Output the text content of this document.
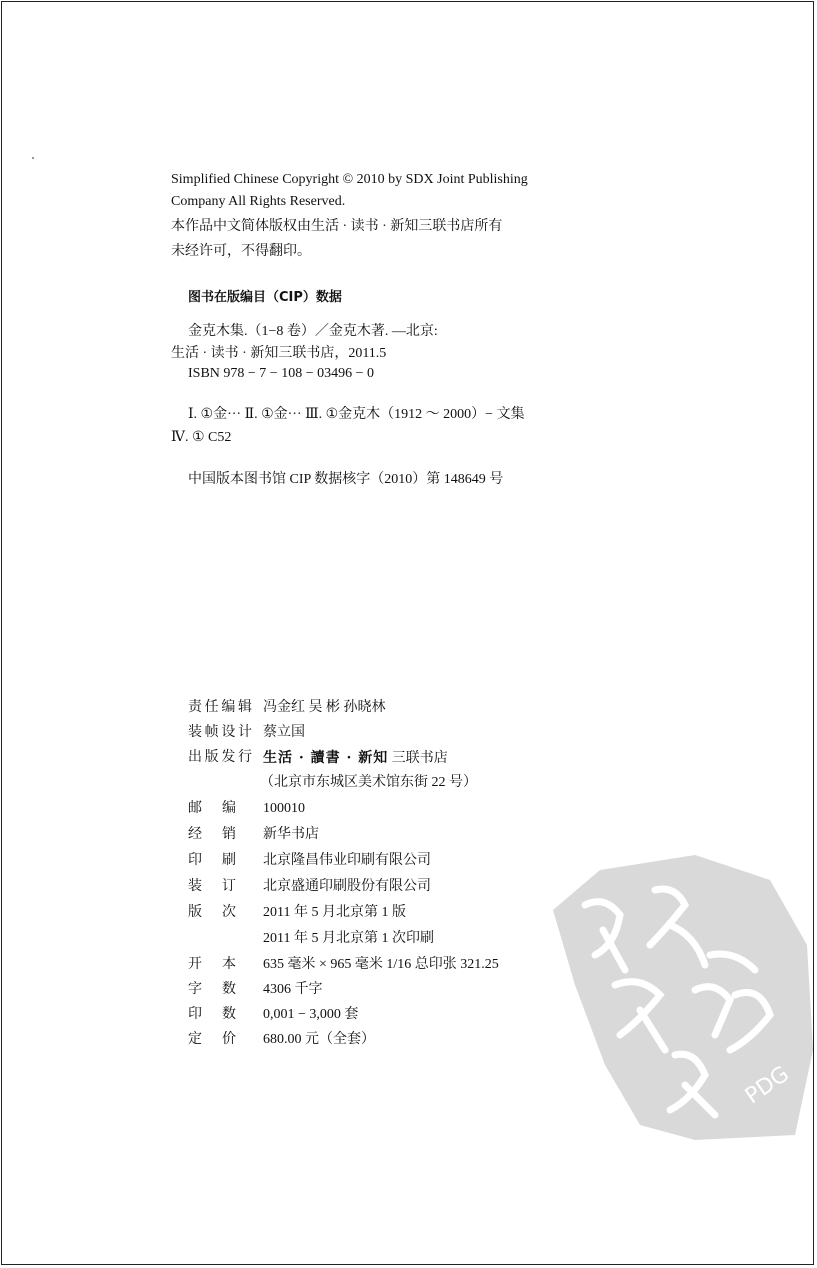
Simplified Chinese Copyright © 2010 by SDX Joint Publishing
Company All Rights Reserved.
本作品中文简体版权由生活 · 读书 · 新知三联书店所有
未经许可，不得翻印。
图书在版编目（CIP）数据
金克木集.（1−8 卷）／金克木著. —北京:
生活 · 读书 · 新知三联书店，2011.5
ISBN 978 − 7 − 108 − 03496 − 0
Ⅰ. ①金··· Ⅱ. ①金··· Ⅲ. ①金克木（1912 ～ 2000）− 文集
Ⅳ. ① C52
中国版本图书馆 CIP 数据核字（2010）第 148649 号
责任编辑 冯金红 吴 彬 孙晓林
装帧设计 蔡立国
出版发行 生活 · 讀書 · 新知 三联书店
（北京市东城区美术馆东街 22 号）
邮编 100010
经销 新华书店
印刷 北京隆昌伟业印刷有限公司
装订 北京盛通印刷股份有限公司
版次 2011 年 5 月北京第 1 版
2011 年 5 月北京第 1 次印刷
开本 635 毫米 × 965 毫米 1/16 总印张 321.25
字数 4306 千字
印数 0,001 − 3,000 套
定价 680.00 元（全套）
PDG
